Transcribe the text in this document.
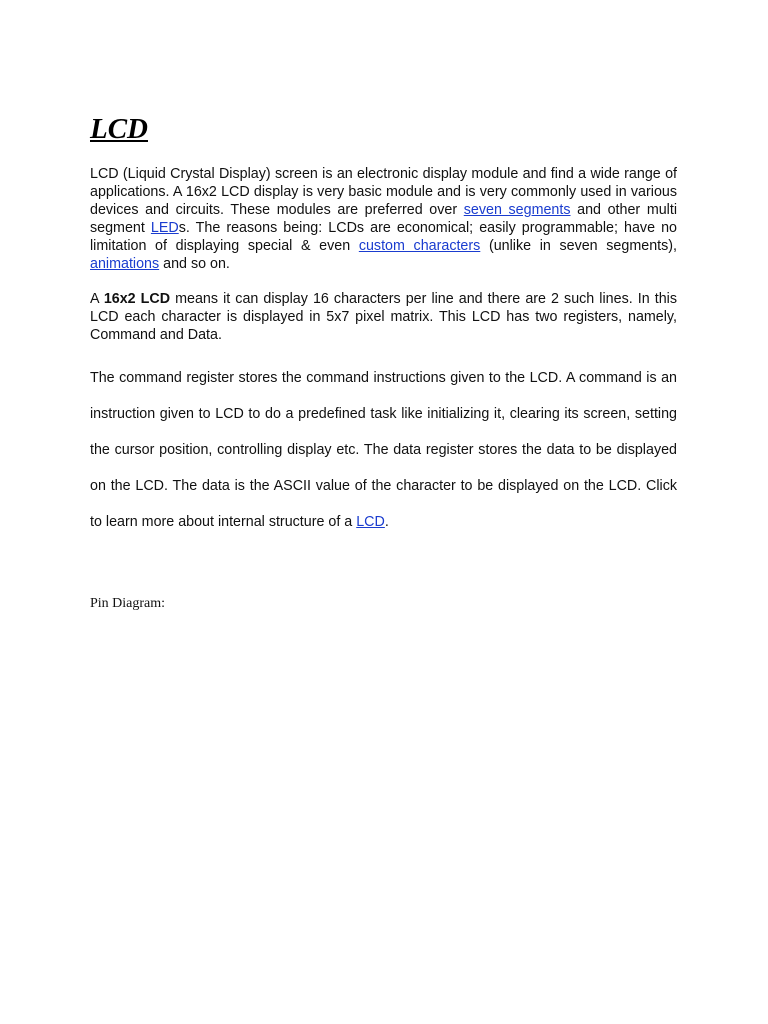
LCD

LCD (Liquid Crystal Display) screen is an electronic display module and find a wide range of applications. A 16x2 LCD display is very basic module and is very commonly used in various devices and circuits. These modules are preferred over seven segments and other multi segment LEDs. The reasons being: LCDs are economical; easily programmable; have no limitation of displaying special & even custom characters (unlike in seven segments), animations and so on.

A 16x2 LCD means it can display 16 characters per line and there are 2 such lines. In this LCD each character is displayed in 5x7 pixel matrix. This LCD has two registers, namely, Command and Data.

The command register stores the command instructions given to the LCD. A command is an instruction given to LCD to do a predefined task like initializing it, clearing its screen, setting the cursor position, controlling display etc. The data register stores the data to be displayed on the LCD. The data is the ASCII value of the character to be displayed on the LCD. Click to learn more about internal structure of a LCD.

Pin Diagram:
